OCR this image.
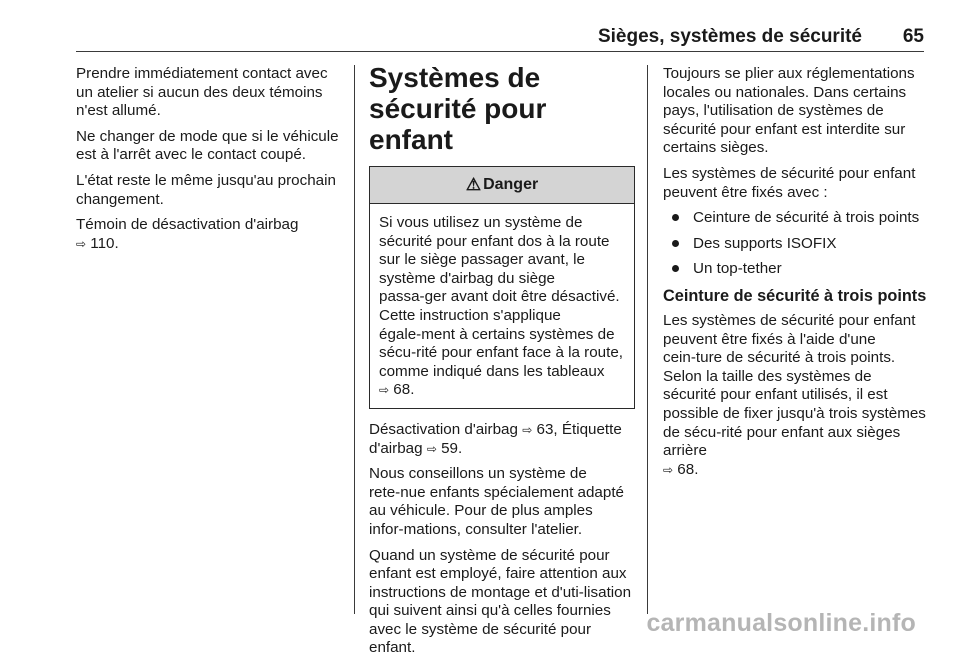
Sièges, systèmes de sécurité 65

Prendre immédiatement contact avec un atelier si aucun des deux témoins n'est allumé.

Ne changer de mode que si le véhicule est à l'arrêt avec le contact coupé.

L'état reste le même jusqu'au prochain changement.

Témoin de désactivation d'airbag
⇨ 110.

Systèmes de sécurité pour enfant
⚠ Danger
Si vous utilisez un système de sécurité pour enfant dos à la route sur le siège passager avant, le système d'airbag du siège passa‑ger avant doit être désactivé. Cette instruction s'applique égale‑ment à certains systèmes de sécu‑rité pour enfant face à la route, comme indiqué dans les tableaux
⇨ 68.

Désactivation d'airbag ⇨ 63, Étiquette d'airbag ⇨ 59.

Nous conseillons un système de rete‑nue enfants spécialement adapté au véhicule. Pour de plus amples infor‑mations, consulter l'atelier.

Quand un système de sécurité pour enfant est employé, faire attention aux instructions de montage et d'uti‑lisation qui suivent ainsi qu'à celles fournies avec le système de sécurité pour enfant.

Toujours se plier aux réglementations locales ou nationales. Dans certains pays, l'utilisation de systèmes de sécurité pour enfant est interdite sur certains sièges.

Les systèmes de sécurité pour enfant peuvent être fixés avec :

Ceinture de sécurité à trois points
Des supports ISOFIX
Un top-tether
Ceinture de sécurité à trois points

Les systèmes de sécurité pour enfant peuvent être fixés à l'aide d'une cein‑ture de sécurité à trois points. Selon la taille des systèmes de sécurité pour enfant utilisés, il est possible de fixer jusqu'à trois systèmes de sécu‑rité pour enfant aux sièges arrière
⇨ 68.

carmanualsonline.info
